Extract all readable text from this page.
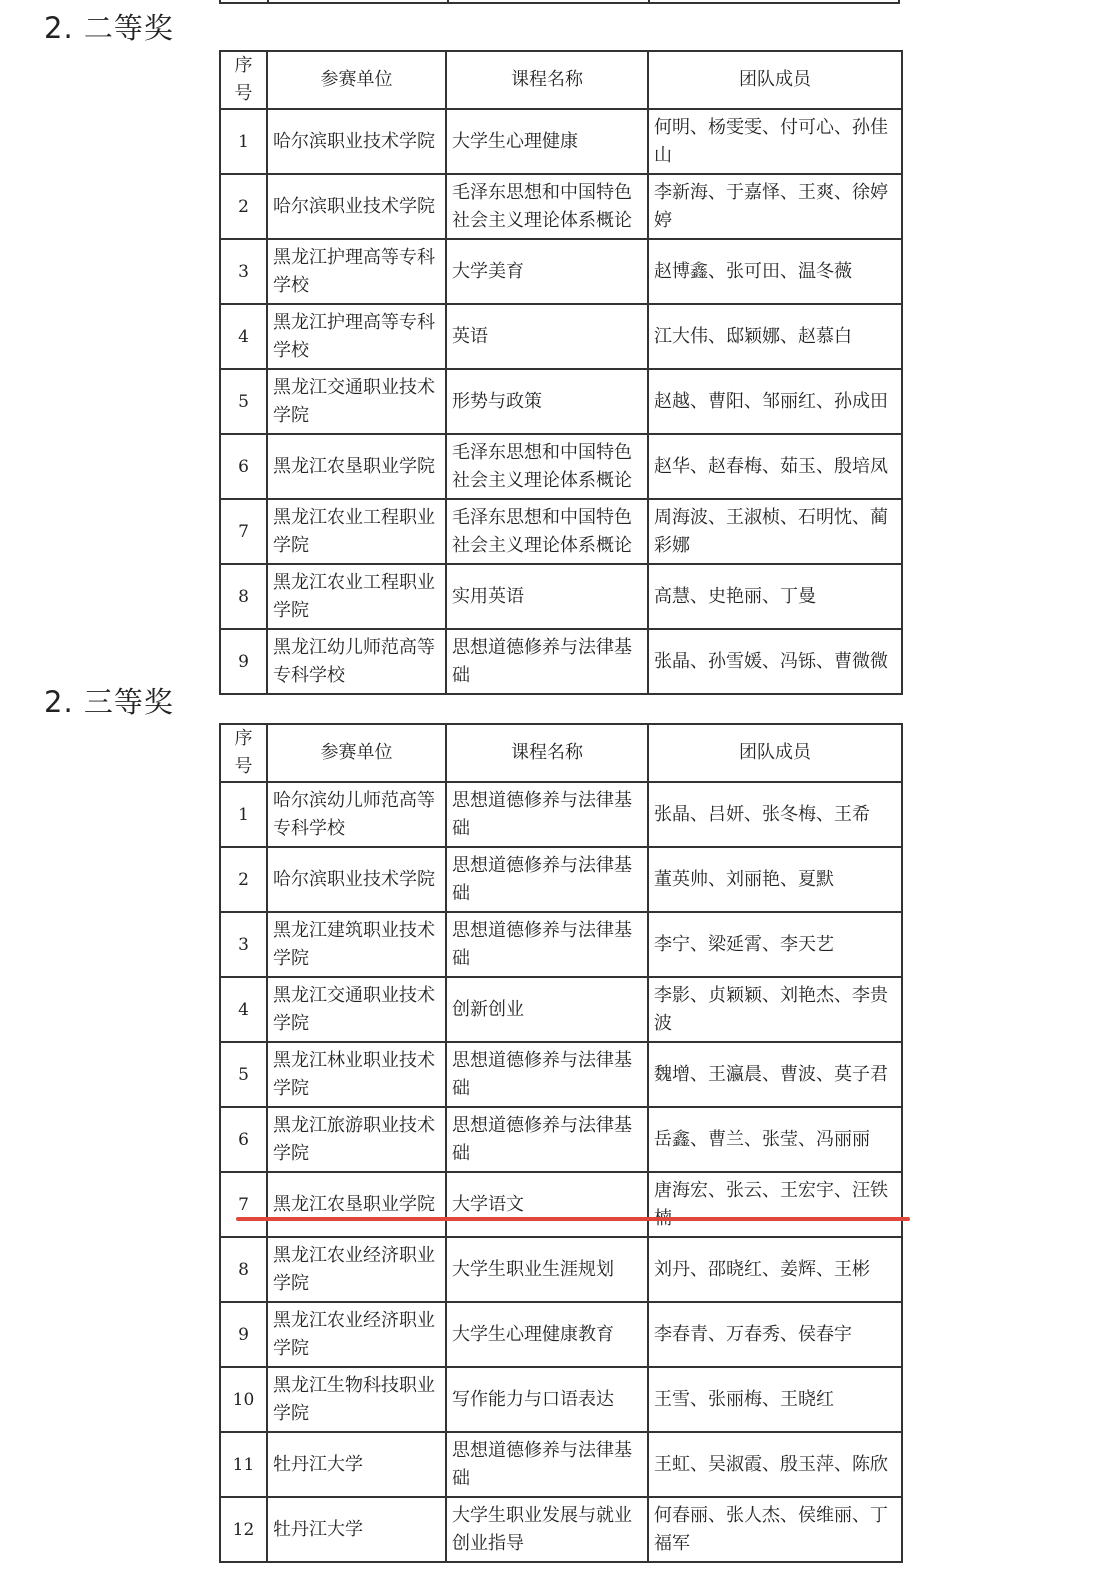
2. 二等奖
序号	参赛单位	课程名称	团队成员
1	哈尔滨职业技术学院	大学生心理健康	何明、杨雯雯、付可心、孙佳山
2	哈尔滨职业技术学院	毛泽东思想和中国特色社会主义理论体系概论	李新海、于嘉怿、王爽、徐婷婷
3	黑龙江护理高等专科学校	大学美育	赵博鑫、张可田、温冬薇
4	黑龙江护理高等专科学校	英语	江大伟、邸颖娜、赵慕白
5	黑龙江交通职业技术学院	形势与政策	赵越、曹阳、邹丽红、孙成田
6	黑龙江农垦职业学院	毛泽东思想和中国特色社会主义理论体系概论	赵华、赵春梅、茹玉、殷培凤
7	黑龙江农业工程职业学院	毛泽东思想和中国特色社会主义理论体系概论	周海波、王淑桢、石明忱、蔺彩娜
8	黑龙江农业工程职业学院	实用英语	高慧、史艳丽、丁曼
9	黑龙江幼儿师范高等专科学校	思想道德修养与法律基础	张晶、孙雪媛、冯铄、曹微微
2. 三等奖
序号	参赛单位	课程名称	团队成员
1	哈尔滨幼儿师范高等专科学校	思想道德修养与法律基础	张晶、吕妍、张冬梅、王希
2	哈尔滨职业技术学院	思想道德修养与法律基础	董英帅、刘丽艳、夏默
3	黑龙江建筑职业技术学院	思想道德修养与法律基础	李宁、梁延霄、李天艺
4	黑龙江交通职业技术学院	创新创业	李影、贞颖颖、刘艳杰、李贵波
5	黑龙江林业职业技术学院	思想道德修养与法律基础	魏增、王瀛晨、曹波、莫子君
6	黑龙江旅游职业技术学院	思想道德修养与法律基础	岳鑫、曹兰、张莹、冯丽丽
7	黑龙江农垦职业学院	大学语文	唐海宏、张云、王宏宇、汪铁
8	黑龙江农业经济职业学院	大学生职业生涯规划	刘丹、邵晓红、姜辉、王彬
9	黑龙江农业经济职业学院	大学生心理健康教育	李春青、万春秀、侯春宇
10	黑龙江生物科技职业学院	写作能力与口语表达	王雪、张丽梅、王晓红
11	牡丹江大学	思想道德修养与法律基础	王虹、吴淑霞、殷玉萍、陈欣
12	牡丹江大学	大学生职业发展与就业创业指导	何春丽、张人杰、侯维丽、丁福军
